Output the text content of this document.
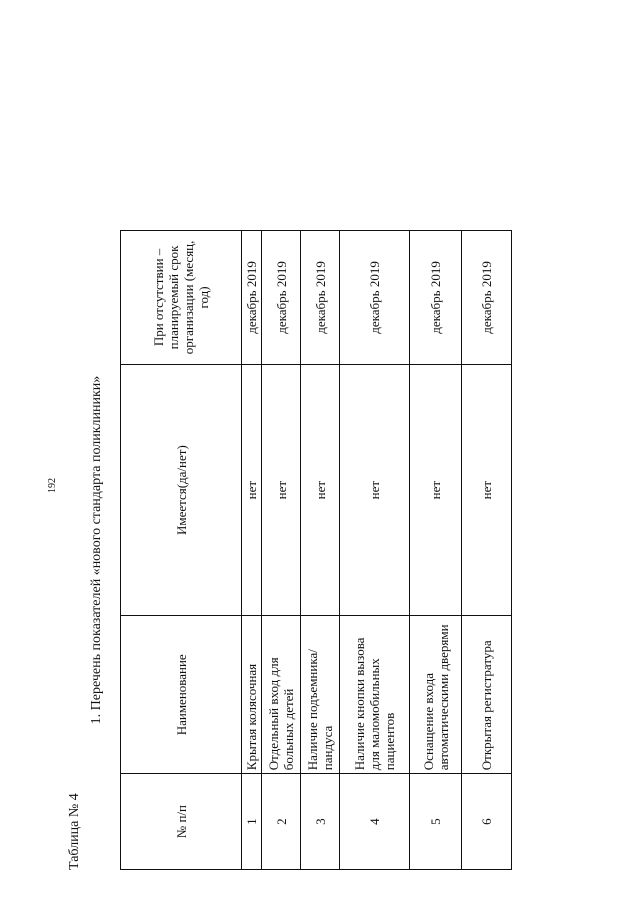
192
Таблица № 4
1. Перечень показателей «нового стандарта поликлиники»
№ п/п	Наименование	Имеется(да/нет)	При отсутствии – планируемый срок организации (месяц, год)
1	Крытая колясочная	нет	декабрь 2019
2	Отдельный вход для больных детей	нет	декабрь 2019
3	Наличие подъемника/пандуса	нет	декабрь 2019
4	Наличие кнопки вызова для маломобильных пациентов	нет	декабрь 2019
5	Оснащение входа автоматическими дверями	нет	декабрь 2019
6	Открытая регистратура	нет	декабрь 2019
